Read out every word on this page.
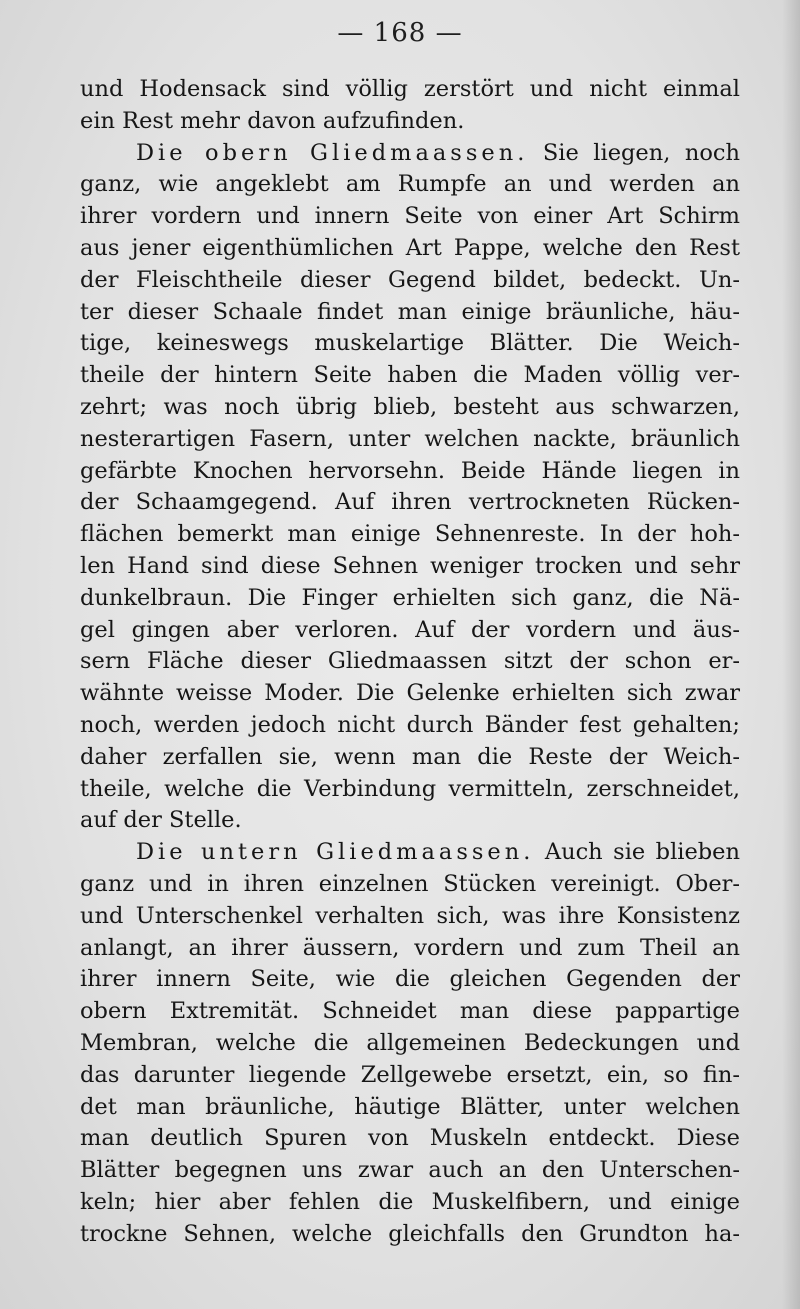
— 168 —
und Hodensack sind völlig zerstört und nicht einmal
ein Rest mehr davon aufzufinden.
Die obern Gliedmaassen. Sie liegen, noch
ganz, wie angeklebt am Rumpfe an und werden an
ihrer vordern und innern Seite von einer Art Schirm
aus jener eigenthümlichen Art Pappe, welche den Rest
der Fleischtheile dieser Gegend bildet, bedeckt. Un-
ter dieser Schaale findet man einige bräunliche, häu-
tige, keineswegs muskelartige Blätter. Die Weich-
theile der hintern Seite haben die Maden völlig ver-
zehrt; was noch übrig blieb, besteht aus schwarzen,
nesterartigen Fasern, unter welchen nackte, bräunlich
gefärbte Knochen hervorsehn. Beide Hände liegen in
der Schaamgegend. Auf ihren vertrockneten Rücken-
flächen bemerkt man einige Sehnenreste. In der hoh-
len Hand sind diese Sehnen weniger trocken und sehr
dunkelbraun. Die Finger erhielten sich ganz, die Nä-
gel gingen aber verloren. Auf der vordern und äus-
sern Fläche dieser Gliedmaassen sitzt der schon er-
wähnte weisse Moder. Die Gelenke erhielten sich zwar
noch, werden jedoch nicht durch Bänder fest gehalten;
daher zerfallen sie, wenn man die Reste der Weich-
theile, welche die Verbindung vermitteln, zerschneidet,
auf der Stelle.
Die untern Gliedmaassen. Auch sie blieben
ganz und in ihren einzelnen Stücken vereinigt. Ober-
und Unterschenkel verhalten sich, was ihre Konsistenz
anlangt, an ihrer äussern, vordern und zum Theil an
ihrer innern Seite, wie die gleichen Gegenden der
obern Extremität. Schneidet man diese pappartige
Membran, welche die allgemeinen Bedeckungen und
das darunter liegende Zellgewebe ersetzt, ein, so fin-
det man bräunliche, häutige Blätter, unter welchen
man deutlich Spuren von Muskeln entdeckt. Diese
Blätter begegnen uns zwar auch an den Unterschen-
keln; hier aber fehlen die Muskelfibern, und einige
trockne Sehnen, welche gleichfalls den Grundton ha-
